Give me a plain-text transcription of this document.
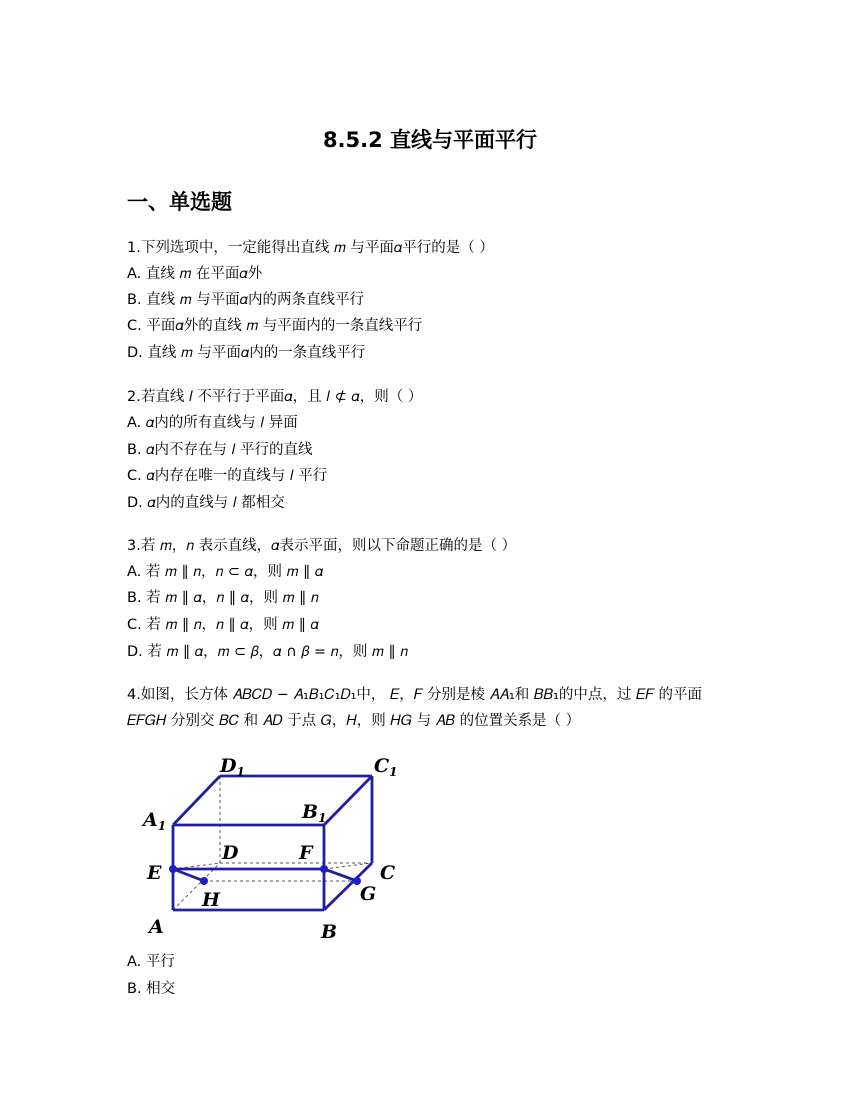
8.5.2 直线与平面平行
一、单选题
1.下列选项中，一定能得出直线 𝑚 与平面𝛼平行的是（ ）
A. 直线 𝑚 在平面𝛼外
B. 直线 𝑚 与平面𝛼内的两条直线平行
C. 平面𝛼外的直线 𝑚 与平面内的一条直线平行
D. 直线 𝑚 与平面𝛼内的一条直线平行
2.若直线 𝑙 不平行于平面𝛼，且 𝑙 ⊄ 𝛼，则（ ）
A. 𝛼内的所有直线与 𝑙 异面
B. 𝛼内不存在与 𝑙 平行的直线
C. 𝛼内存在唯一的直线与 𝑙 平行
D. 𝛼内的直线与 𝑙 都相交
3.若 𝑚，𝑛 表示直线，𝛼表示平面，则以下命题正确的是（ ）
A. 若 𝑚 ∥ 𝑛，𝑛 ⊂ 𝛼，则 𝑚 ∥ 𝛼
B. 若 𝑚 ∥ 𝛼，𝑛 ∥ 𝛼，则 𝑚 ∥ 𝑛
C. 若 𝑚 ∥ 𝑛，𝑛 ∥ 𝛼，则 𝑚 ∥ 𝛼
D. 若 𝑚 ∥ 𝛼，𝑚 ⊂ 𝛽，𝛼 ∩ 𝛽 = 𝑛，则 𝑚 ∥ 𝑛
4.如图，长方体 𝐴𝐵𝐶𝐷 − 𝐴₁𝐵₁𝐶₁𝐷₁中， 𝐸，𝐹 分别是棱 𝐴𝐴₁和 𝐵𝐵₁的中点，过 𝐸𝐹 的平面
𝐸𝐹𝐺𝐻 分别交 𝐵𝐶 和 𝐴𝐷 于点 𝐺，𝐻，则 𝐻𝐺 与 𝐴𝐵 的位置关系是（ ）
$D_1$	$C_1$
$A_1$
$B_1$
D	F
E	C
H	G
A	B
A. 平行
B. 相交
